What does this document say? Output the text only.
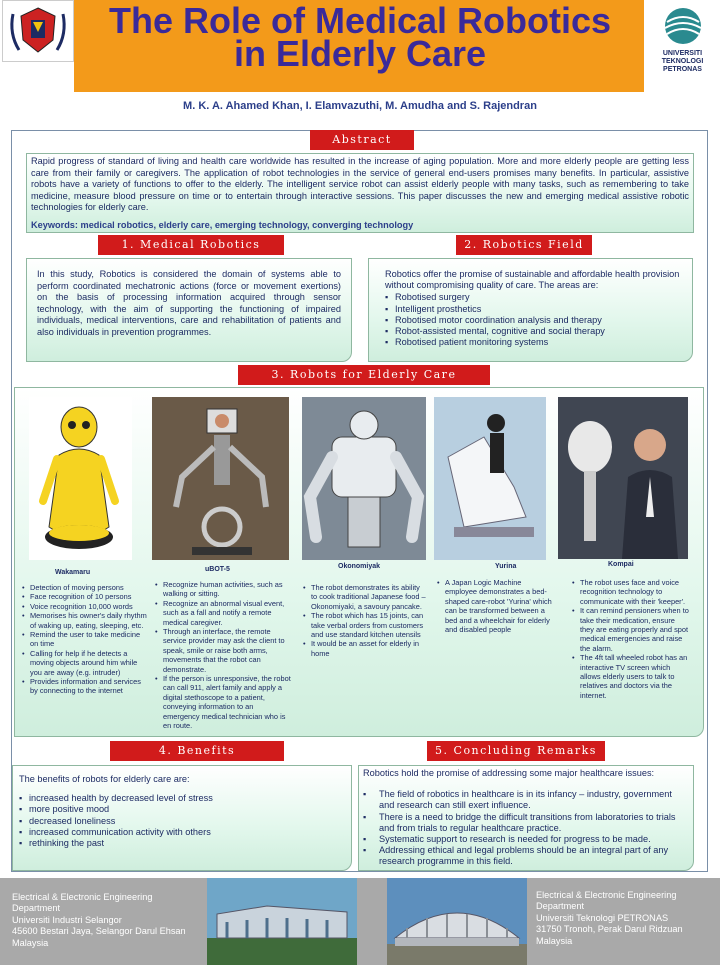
The Role of Medical Robotics in Elderly Care	UNIVERSITI TEKNOLOGI PETRONAS
M. K. A. Ahamed Khan, I. Elamvazuthi, M. Amudha and S. Rajendran
Abstract
Rapid progress of standard of living and health care worldwide has resulted in the increase of aging population. More and more elderly people are getting less care from their family or caregivers. The application of robot technologies in the service of general end-users promises many benefits. In particular, assistive robots have a variety of functions to offer to the elderly. The intelligent service robot can assist elderly people with many tasks, such as remembering to take medicine, measure blood pressure on time or to entertain through interactive sessions. This paper discusses the new and emerging medical assistive robotic technologies for elderly care.
Keywords: medical robotics, elderly care, emerging technology, converging technology
1. Medical Robotics	2. Robotics Field
In this study, Robotics is considered the domain of systems able to perform coordinated mechatronic actions (force or movement exertions) on the basis of processing information acquired through sensor technology, with the aim of supporting the functioning of impaired individuals, medical interventions, care and rehabilitation of patients and also individuals in prevention programmes.
Robotics offer the promise of sustainable and affordable health provision without compromising quality of care. The areas are:
▪ Robotised surgery
▪ Intelligent prosthetics
▪ Robotised motor coordination analysis and therapy
▪ Robot-assisted mental, cognitive and social therapy
▪ Robotised patient monitoring systems
3. Robots for Elderly Care
Okonomiyak	Yurina	Kompai
uBOT-5
Wakamaru
• Detection of moving persons
• Face recognition of 10 persons
• Voice recognition 10,000 words
• Memorises his owner's daily rhythm of waking up, eating, sleeping, etc.
• Remind the user to take medicine on time
• Calling for help if he detects a moving objects around him while you are away (e.g. intruder)
• Provides information and services by connecting to the internet
• Recognize human activities, such as walking or sitting.
• Recognize an abnormal visual event, such as a fall and notify a remote medical caregiver.
• Through an interface, the remote service provider may ask the client to speak, smile or raise both arms, movements that the robot can demonstrate.
• If the person is unresponsive, the robot can call 911, alert family and apply a digital stethoscope to a patient, conveying information to an emergency medical technician who is en route.
• The robot demonstrates its ability to cook traditional Japanese food – Okonomiyaki, a savoury pancake.
• The robot which has 15 joints, can take verbal orders from customers and use standard kitchen utensils
• It would be an asset for elderly in home
• A Japan Logic Machine employee demonstrates a bed-shaped care-robot 'Yurina' which can be transformed between a bed and a wheelchair for elderly and disabled people
• The robot uses face and voice recognition technology to communicate with their 'keeper'.
• It can remind pensioners when to take their medication, ensure they are eating properly and spot medical emergencies and raise the alarm.
• The 4ft tall wheeled robot has an interactive TV screen which allows elderly users to talk to relatives and doctors via the internet.
4. Benefits	5. Concluding Remarks
The benefits of robots for elderly care are:
▪ increased health by decreased level of stress
▪ more positive mood
▪ decreased loneliness
▪ increased communication activity with others
▪ rethinking the past
Robotics hold the promise of addressing some major healthcare issues:
▪ The field of robotics in healthcare is in its infancy – industry, government and research can still exert influence.
▪ There is a need to bridge the difficult transitions from laboratories to trials and from trials to regular healthcare practice.
▪ Systematic support to research is needed for progress to be made.
▪ Addressing ethical and legal problems should be an integral part of any research programme in this field.
Electrical & Electronic Engineering
Department
Universiti Industri Selangor
45600 Bestari Jaya, Selangor Darul Ehsan
Malaysia
Electrical & Electronic Engineering
Department
Universiti Teknologi PETRONAS
31750 Tronoh, Perak Darul Ridzuan
Malaysia
